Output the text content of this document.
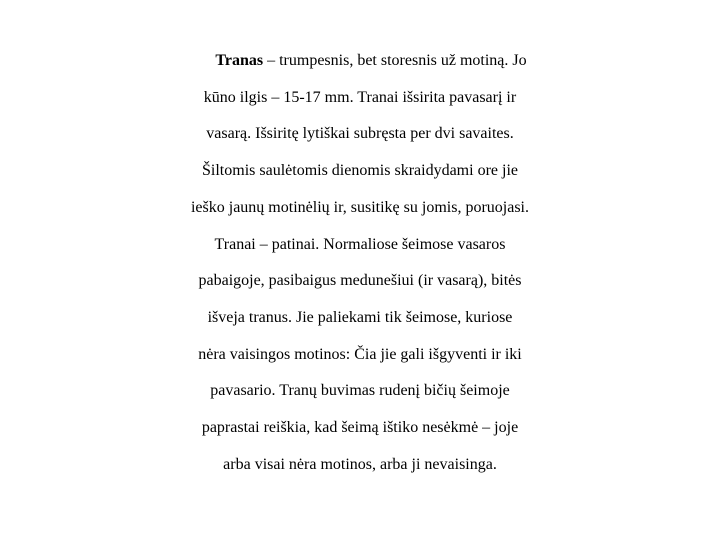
Tranas – trumpesnis, bet storesnis už motiną. Jo
kūno ilgis – 15-17 mm. Tranai išsirita pavasarį ir
vasarą. Išsiritę lytiškai subręsta per dvi savaites.
Šiltomis saulėtomis dienomis skraidydami ore jie
ieško jaunų motinėlių ir, susitikę su jomis, poruojasi.
Tranai – patinai. Normaliose šeimose vasaros
pabaigoje, pasibaigus medunešiui (ir vasarą), bitės
išveja tranus. Jie paliekami tik šeimose, kuriose
nėra vaisingos motinos: Čia jie gali išgyventi ir iki
pavasario. Tranų buvimas rudenį bičių šeimoje
paprastai reiškia, kad šeimą ištiko nesėkmė – joje
arba visai nėra motinos, arba ji nevaisinga.
